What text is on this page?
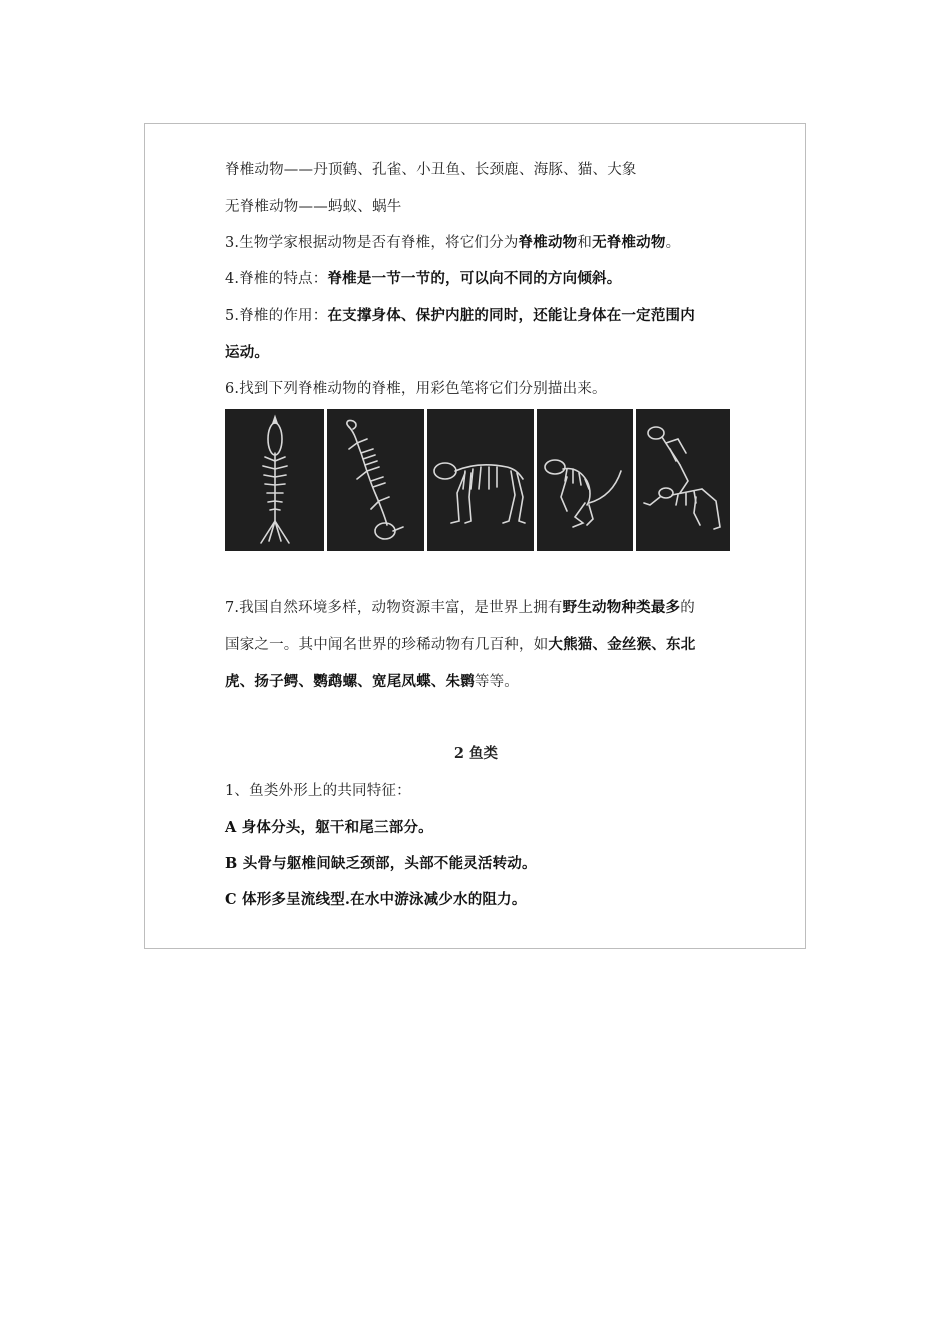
脊椎动物——丹顶鹤、孔雀、小丑鱼、长颈鹿、海豚、猫、大象
无脊椎动物——蚂蚁、蜗牛
3.生物学家根据动物是否有脊椎，将它们分为脊椎动物和无脊椎动物。
4.脊椎的特点：脊椎是一节一节的，可以向不同的方向倾斜。
5.脊椎的作用：在支撑身体、保护内脏的同时，还能让身体在一定范围内
运动。
6.找到下列脊椎动物的脊椎，用彩色笔将它们分别描出来。
7.我国自然环境多样，动物资源丰富，是世界上拥有野生动物种类最多的
国家之一。其中闻名世界的珍稀动物有几百种，如大熊猫、金丝猴、东北
虎、扬子鳄、鹦鹉螺、宽尾凤蝶、朱鹮等等。
2 鱼类
1、鱼类外形上的共同特征：
A 身体分头，躯干和尾三部分。
B 头骨与躯椎间缺乏颈部，头部不能灵活转动。
C 体形多呈流线型.在水中游泳减少水的阻力。
